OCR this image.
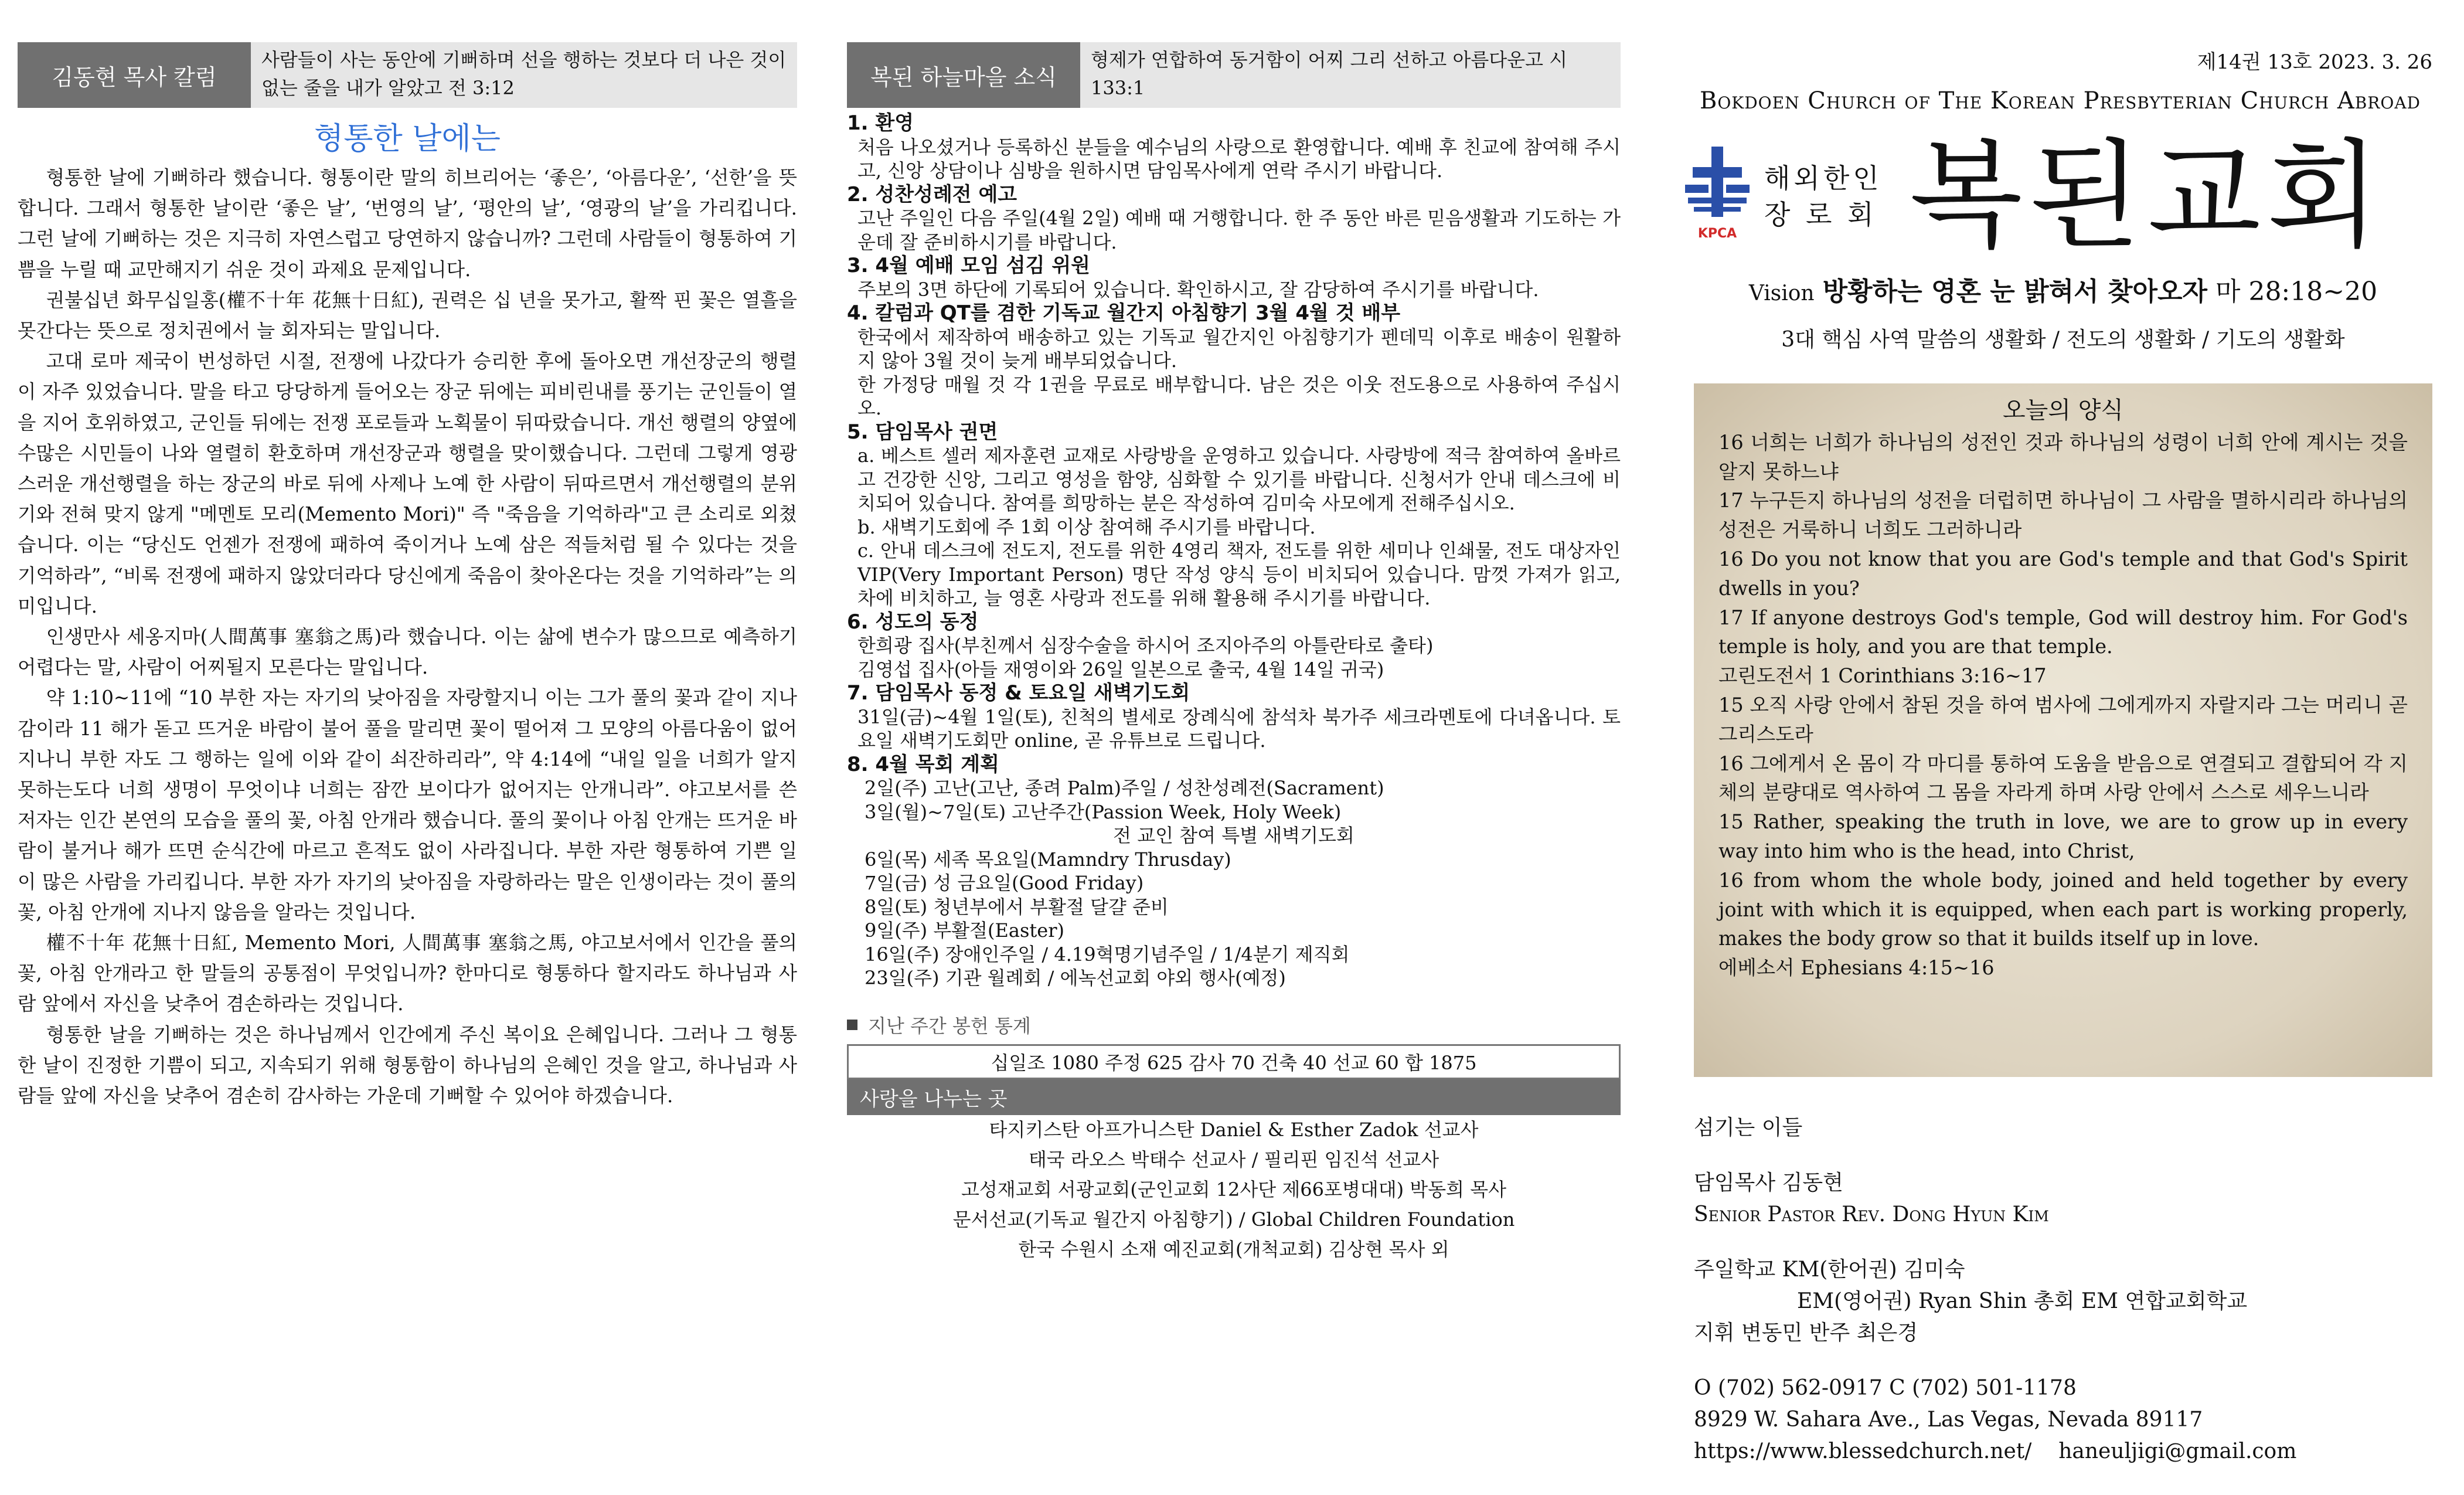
김동현 목사 칼럼
사람들이 사는 동안에 기뻐하며 선을 행하는 것보다 더 나은 것이 없는 줄을 내가 알았고 전 3:12
형통한 날에는

형통한 날에 기뻐하라 했습니다. 형통이란 말의 히브리어는 ‘좋은’, ‘아름다운’, ‘선한’을 뜻합니다. 그래서 형통한 날이란 ‘좋은 날’, ‘번영의 날’, ‘평안의 날’, ‘영광의 날’을 가리킵니다. 그런 날에 기뻐하는 것은 지극히 자연스럽고 당연하지 않습니까? 그런데 사람들이 형통하여 기쁨을 누릴 때 교만해지기 쉬운 것이 과제요 문제입니다.

권불십년 화무십일홍(權不十年 花無十日紅), 권력은 십 년을 못가고, 활짝 핀 꽃은 열흘을 못간다는 뜻으로 정치권에서 늘 회자되는 말입니다.

고대 로마 제국이 번성하던 시절, 전쟁에 나갔다가 승리한 후에 돌아오면 개선장군의 행렬이 자주 있었습니다. 말을 타고 당당하게 들어오는 장군 뒤에는 피비린내를 풍기는 군인들이 열을 지어 호위하였고, 군인들 뒤에는 전쟁 포로들과 노획물이 뒤따랐습니다. 개선 행렬의 양옆에 수많은 시민들이 나와 열렬히 환호하며 개선장군과 행렬을 맞이했습니다. 그런데 그렇게 영광스러운 개선행렬을 하는 장군의 바로 뒤에 사제나 노예 한 사람이 뒤따르면서 개선행렬의 분위기와 전혀 맞지 않게 "메멘토 모리(Memento Mori)" 즉 "죽음을 기억하라"고 큰 소리로 외쳤습니다. 이는 “당신도 언젠가 전쟁에 패하여 죽이거나 노예 삼은 적들처럼 될 수 있다는 것을 기억하라”, “비록 전쟁에 패하지 않았더라다 당신에게 죽음이 찾아온다는 것을 기억하라”는 의미입니다.

인생만사 세옹지마(人間萬事 塞翁之馬)라 했습니다. 이는 삶에 변수가 많으므로 예측하기 어렵다는 말, 사람이 어찌될지 모른다는 말입니다.

약 1:10~11에 “10 부한 자는 자기의 낮아짐을 자랑할지니 이는 그가 풀의 꽃과 같이 지나감이라 11 해가 돋고 뜨거운 바람이 불어 풀을 말리면 꽃이 떨어져 그 모양의 아름다움이 없어지나니 부한 자도 그 행하는 일에 이와 같이 쇠잔하리라”, 약 4:14에 “내일 일을 너희가 알지 못하는도다 너희 생명이 무엇이냐 너희는 잠깐 보이다가 없어지는 안개니라”. 야고보서를 쓴 저자는 인간 본연의 모습을 풀의 꽃, 아침 안개라 했습니다. 풀의 꽃이나 아침 안개는 뜨거운 바람이 불거나 해가 뜨면 순식간에 마르고 흔적도 없이 사라집니다. 부한 자란 형통하여 기쁜 일이 많은 사람을 가리킵니다. 부한 자가 자기의 낮아짐을 자랑하라는 말은 인생이라는 것이 풀의 꽃, 아침 안개에 지나지 않음을 알라는 것입니다.

權不十年 花無十日紅, Memento Mori, 人間萬事 塞翁之馬, 야고보서에서 인간을 풀의 꽃, 아침 안개라고 한 말들의 공통점이 무엇입니까? 한마디로 형통하다 할지라도 하나님과 사람 앞에서 자신을 낮추어 겸손하라는 것입니다.

형통한 날을 기뻐하는 것은 하나님께서 인간에게 주신 복이요 은혜입니다. 그러나 그 형통한 날이 진정한 기쁨이 되고, 지속되기 위해 형통함이 하나님의 은혜인 것을 알고, 하나님과 사람들 앞에 자신을 낮추어 겸손히 감사하는 가운데 기뻐할 수 있어야 하겠습니다.

복된 하늘마을 소식
형제가 연합하여 동거함이 어찌 그리 선하고 아름다운고 시 133:1
1. 환영

처음 나오셨거나 등록하신 분들을 예수님의 사랑으로 환영합니다. 예배 후 친교에 참여해 주시고, 신앙 상담이나 심방을 원하시면 담임목사에게 연락 주시기 바랍니다.

2. 성찬성례전 예고

고난 주일인 다음 주일(4월 2일) 예배 때 거행합니다. 한 주 동안 바른 믿음생활과 기도하는 가운데 잘 준비하시기를 바랍니다.

3. 4월 예배 모임 섬김 위원

주보의 3면 하단에 기록되어 있습니다. 확인하시고, 잘 감당하여 주시기를 바랍니다.

4. 칼럼과 QT를 겸한 기독교 월간지 아침향기 3월 4월 것 배부

한국에서 제작하여 배송하고 있는 기독교 월간지인 아침향기가 펜데믹 이후로 배송이 원활하지 않아 3월 것이 늦게 배부되었습니다.

한 가정당 매월 것 각 1권을 무료로 배부합니다. 남은 것은 이웃 전도용으로 사용하여 주십시오.

5. 담임목사 권면

a. 베스트 셀러 제자훈련 교재로 사랑방을 운영하고 있습니다. 사랑방에 적극 참여하여 올바르고 건강한 신앙, 그리고 영성을 함양, 심화할 수 있기를 바랍니다. 신청서가 안내 데스크에 비치되어 있습니다. 참여를 희망하는 분은 작성하여 김미숙 사모에게 전해주십시오.

b. 새벽기도회에 주 1회 이상 참여해 주시기를 바랍니다.

c. 안내 데스크에 전도지, 전도를 위한 4영리 책자, 전도를 위한 세미나 인쇄물, 전도 대상자인 VIP(Very Important Person) 명단 작성 양식 등이 비치되어 있습니다. 맘껏 가져가 읽고, 차에 비치하고, 늘 영혼 사랑과 전도를 위해 활용해 주시기를 바랍니다.

6. 성도의 동정

한희광 집사(부친께서 심장수술을 하시어 조지아주의 아틀란타로 출타)

김영섭 집사(아들 재영이와 26일 일본으로 출국, 4월 14일 귀국)

7. 담임목사 동정 & 토요일 새벽기도회

31일(금)~4월 1일(토), 친척의 별세로 장례식에 참석차 북가주 세크라멘토에 다녀옵니다. 토요일 새벽기도회만 online, 곧 유튜브로 드립니다.

8. 4월 목회 계획

2일(주) 고난(고난, 종려 Palm)주일 / 성찬성례전(Sacrament)

3일(월)~7일(토) 고난주간(Passion Week, Holy Week)

전 교인 참여 특별 새벽기도회

6일(목) 세족 목요일(Mamndry Thrusday)

7일(금) 성 금요일(Good Friday)

8일(토) 청년부에서 부활절 달걀 준비

9일(주) 부활절(Easter)

16일(주) 장애인주일 / 4.19혁명기념주일 / 1/4분기 제직회

23일(주) 기관 월례회 / 에녹선교회 야외 행사(예정)

지난 주간 봉헌 통계
십일조 1080 주정 625 감사 70 건축 40 선교 60 합 1875
사랑을 나누는 곳

타지키스탄 아프가니스탄 Daniel & Esther Zadok 선교사

태국 라오스 박태수 선교사 / 필리핀 임진석 선교사

고성재교회 서광교회(군인교회 12사단 제66포병대대) 박동희 목사

문서선교(기독교 월간지 아침향기) / Global Children Foundation

한국 수원시 소재 예진교회(개척교회) 김상현 목사 외

제14권 13호 2023. 3. 26
Bokdoen Church of The Korean Presbyterian Church Abroad
KPCA
해외한인
장 로 회 복된교회
Vision 방황하는 영혼 눈 밝혀서 찾아오자 마 28:18~20
3대 핵심 사역 말씀의 생활화 / 전도의 생활화 / 기도의 생활화
오늘의 양식

16 너희는 너희가 하나님의 성전인 것과 하나님의 성령이 너희 안에 계시는 것을 알지 못하느냐

17 누구든지 하나님의 성전을 더럽히면 하나님이 그 사람을 멸하시리라 하나님의 성전은 거룩하니 너희도 그러하니라

16 Do you not know that you are God's temple and that God's Spirit dwells in you?

17 If anyone destroys God's temple, God will destroy him. For God's temple is holy, and you are that temple.

고린도전서 1 Corinthians 3:16~17

15 오직 사랑 안에서 참된 것을 하여 범사에 그에게까지 자랄지라 그는 머리니 곧 그리스도라

16 그에게서 온 몸이 각 마디를 통하여 도움을 받음으로 연결되고 결합되어 각 지체의 분량대로 역사하여 그 몸을 자라게 하며 사랑 안에서 스스로 세우느니라

15 Rather, speaking the truth in love, we are to grow up in every way into him who is the head, into Christ,

16 from whom the whole body, joined and held together by every joint with which it is equipped, when each part is working properly, makes the body grow so that it builds itself up in love.

에베소서 Ephesians 4:15~16

섬기는 이들

담임목사 김동현

Senior Pastor Rev. Dong Hyun Kim

주일학교 KM(한어권) 김미숙

EM(영어권) Ryan Shin 총회 EM 연합교회학교

지휘 변동민 반주 최은경

O (702) 562-0917 C (702) 501-1178

8929 W. Sahara Ave., Las Vegas, Nevada 89117

https://www.blessedchurch.net/ haneuljigi@gmail.com
